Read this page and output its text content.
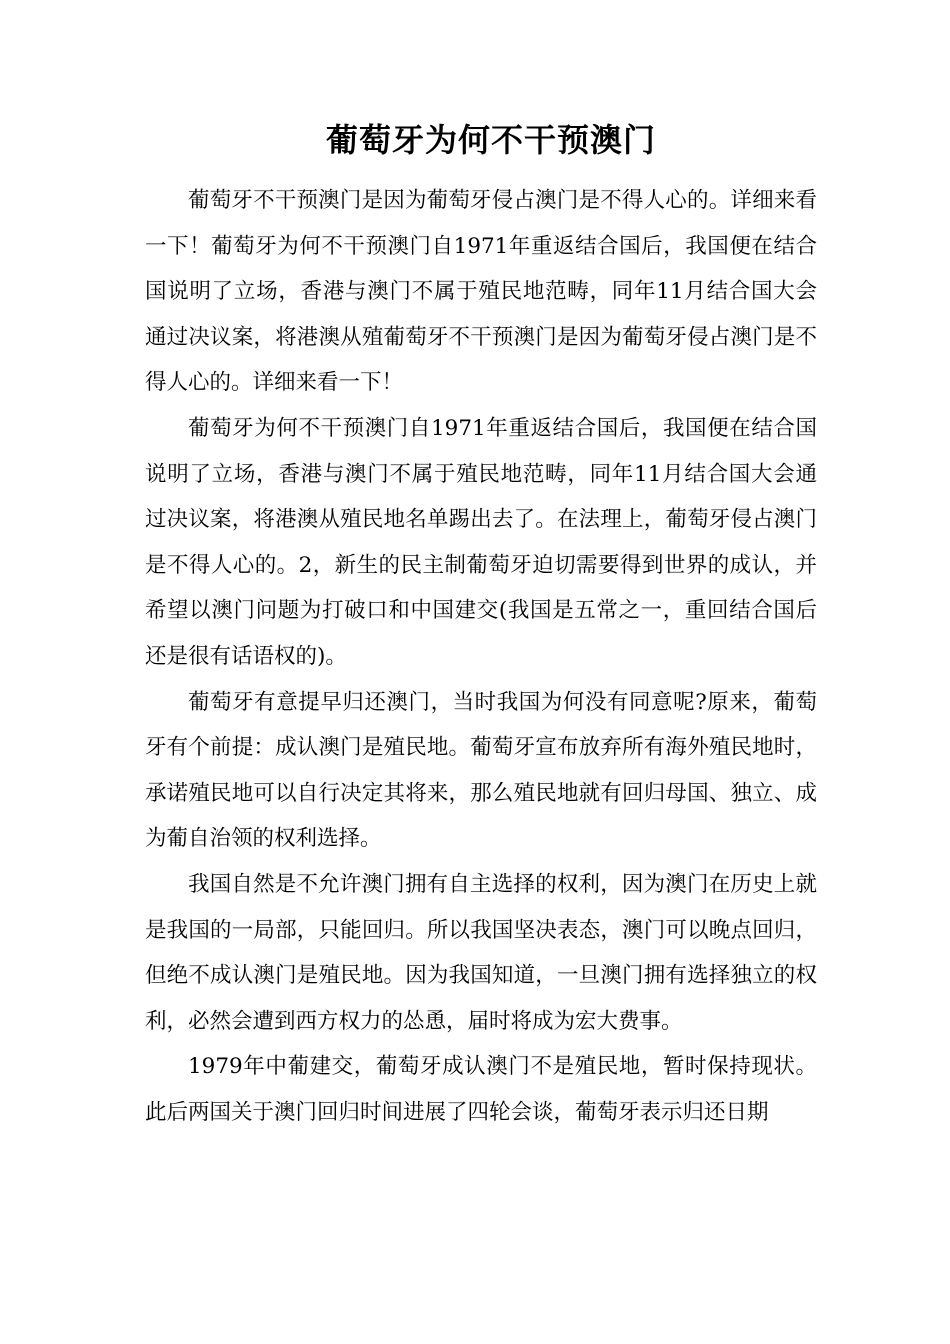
葡萄牙为何不干预澳门

葡萄牙不干预澳门是因为葡萄牙侵占澳门是不得人心的。详细来看一下！葡萄牙为何不干预澳门自1971年重返结合国后，我国便在结合国说明了立场，香港与澳门不属于殖民地范畴，同年11月结合国大会通过决议案，将港澳从殖葡萄牙不干预澳门是因为葡萄牙侵占澳门是不得人心的。详细来看一下！

葡萄牙为何不干预澳门自1971年重返结合国后，我国便在结合国说明了立场，香港与澳门不属于殖民地范畴，同年11月结合国大会通过决议案，将港澳从殖民地名单踢出去了。在法理上，葡萄牙侵占澳门是不得人心的。2，新生的民主制葡萄牙迫切需要得到世界的成认，并希望以澳门问题为打破口和中国建交(我国是五常之一，重回结合国后还是很有话语权的)。

葡萄牙有意提早归还澳门，当时我国为何没有同意呢?原来，葡萄牙有个前提：成认澳门是殖民地。葡萄牙宣布放弃所有海外殖民地时，承诺殖民地可以自行决定其将来，那么殖民地就有回归母国、独立、成为葡自治领的权利选择。

我国自然是不允许澳门拥有自主选择的权利，因为澳门在历史上就是我国的一局部，只能回归。所以我国坚决表态，澳门可以晚点回归，但绝不成认澳门是殖民地。因为我国知道，一旦澳门拥有选择独立的权利，必然会遭到西方权力的怂恿，届时将成为宏大费事。

1979年中葡建交，葡萄牙成认澳门不是殖民地，暂时保持现状。此后两国关于澳门回归时间进展了四轮会谈，葡萄牙表示归还日期
